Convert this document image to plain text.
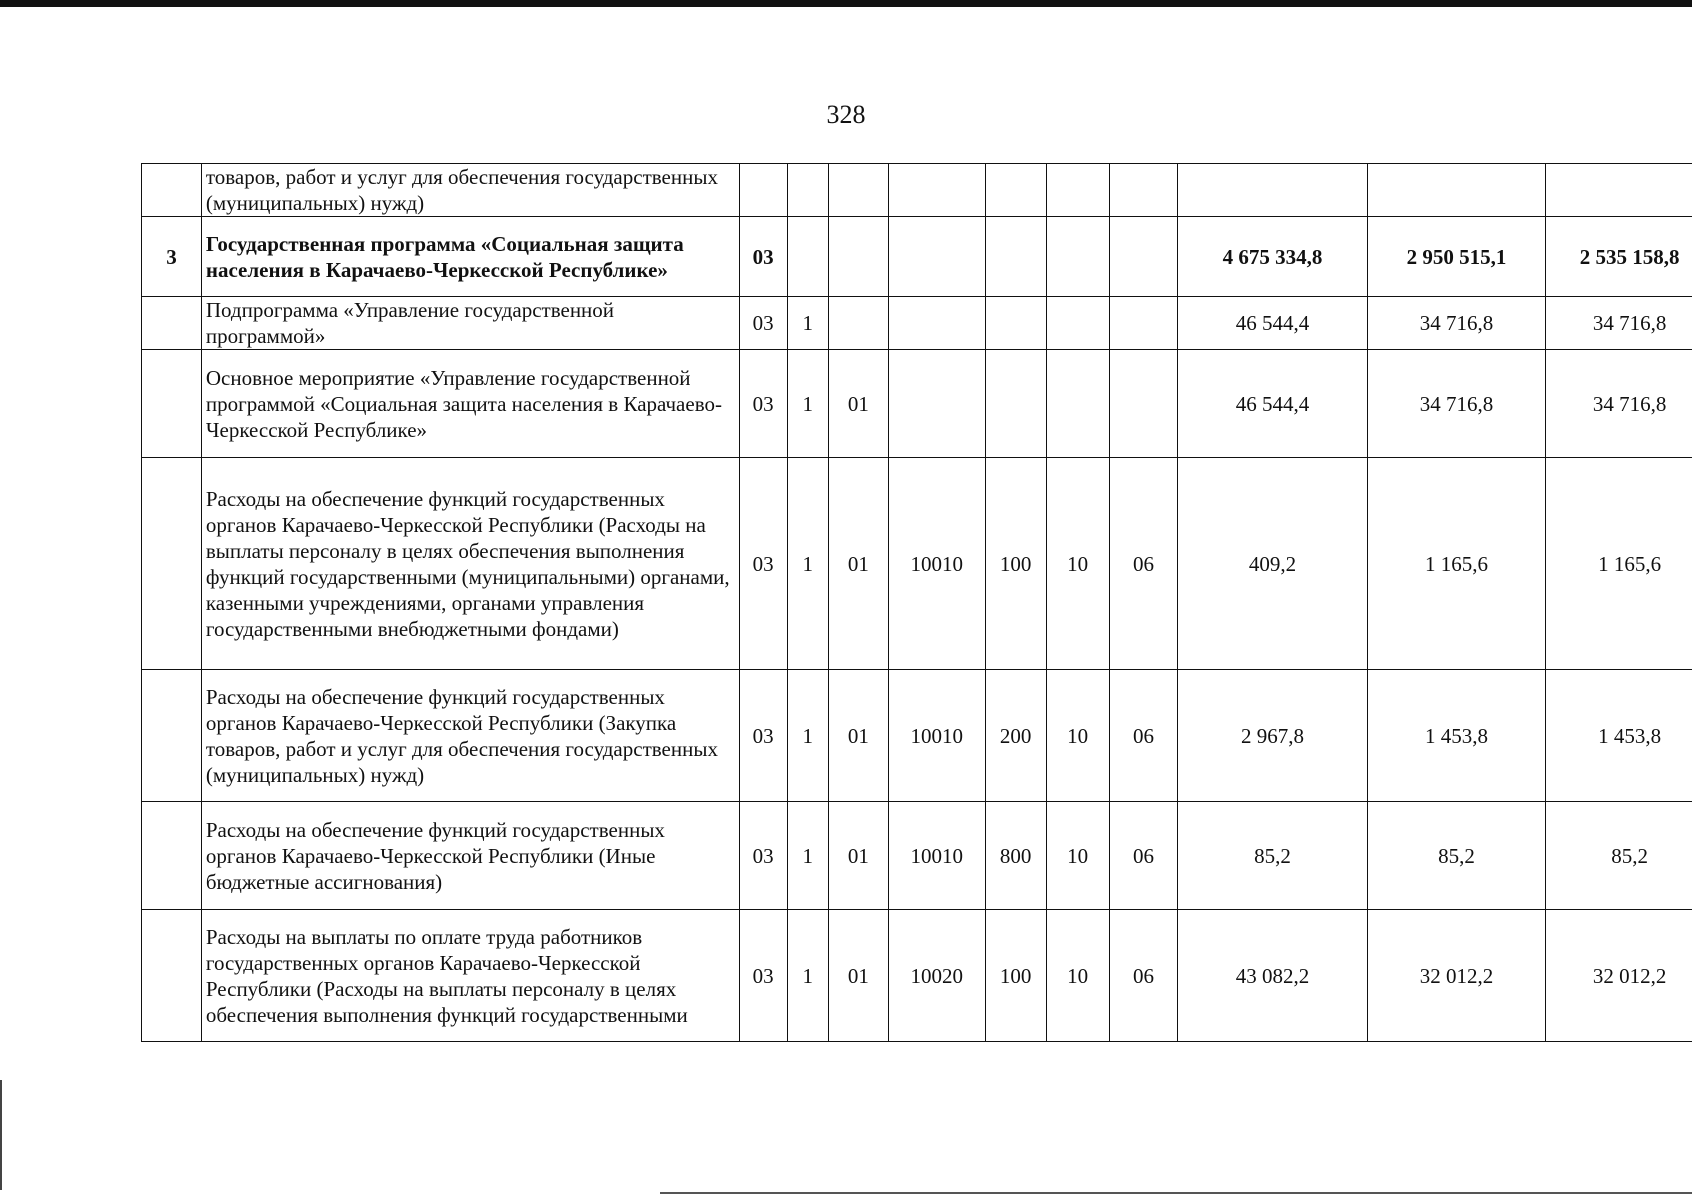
328
	товаров, работ и услуг для обеспечения государственных (муниципальных) нужд)										
3	Государственная программа «Социальная защита населения в Карачаево-Черкесской Республике»	03							4 675 334,8	2 950 515,1	2 535 158,8
	Подпрограмма «Управление государственной программой»	03	1						46 544,4	34 716,8	34 716,8
	Основное мероприятие «Управление государственной программой «Социальная защита населения в Карачаево-Черкесской Республике»	03	1	01					46 544,4	34 716,8	34 716,8
	Расходы на обеспечение функций государственных органов Карачаево-Черкесской Республики (Расходы на выплаты персоналу в целях обеспечения выполнения функций государственными (муниципальными) органами, казенными учреждениями, органами управления государственными внебюджетными фондами)	03	1	01	10010	100	10	06	409,2	1 165,6	1 165,6
	Расходы на обеспечение функций государственных органов Карачаево-Черкесской Республики (Закупка товаров, работ и услуг для обеспечения государственных (муниципальных) нужд)	03	1	01	10010	200	10	06	2 967,8	1 453,8	1 453,8
	Расходы на обеспечение функций государственных органов Карачаево-Черкесской Республики (Иные бюджетные ассигнования)	03	1	01	10010	800	10	06	85,2	85,2	85,2
	Расходы на выплаты по оплате труда работников государственных органов Карачаево-Черкесской Республики (Расходы на выплаты персоналу в целях обеспечения выполнения функций государственными	03	1	01	10020	100	10	06	43 082,2	32 012,2	32 012,2
